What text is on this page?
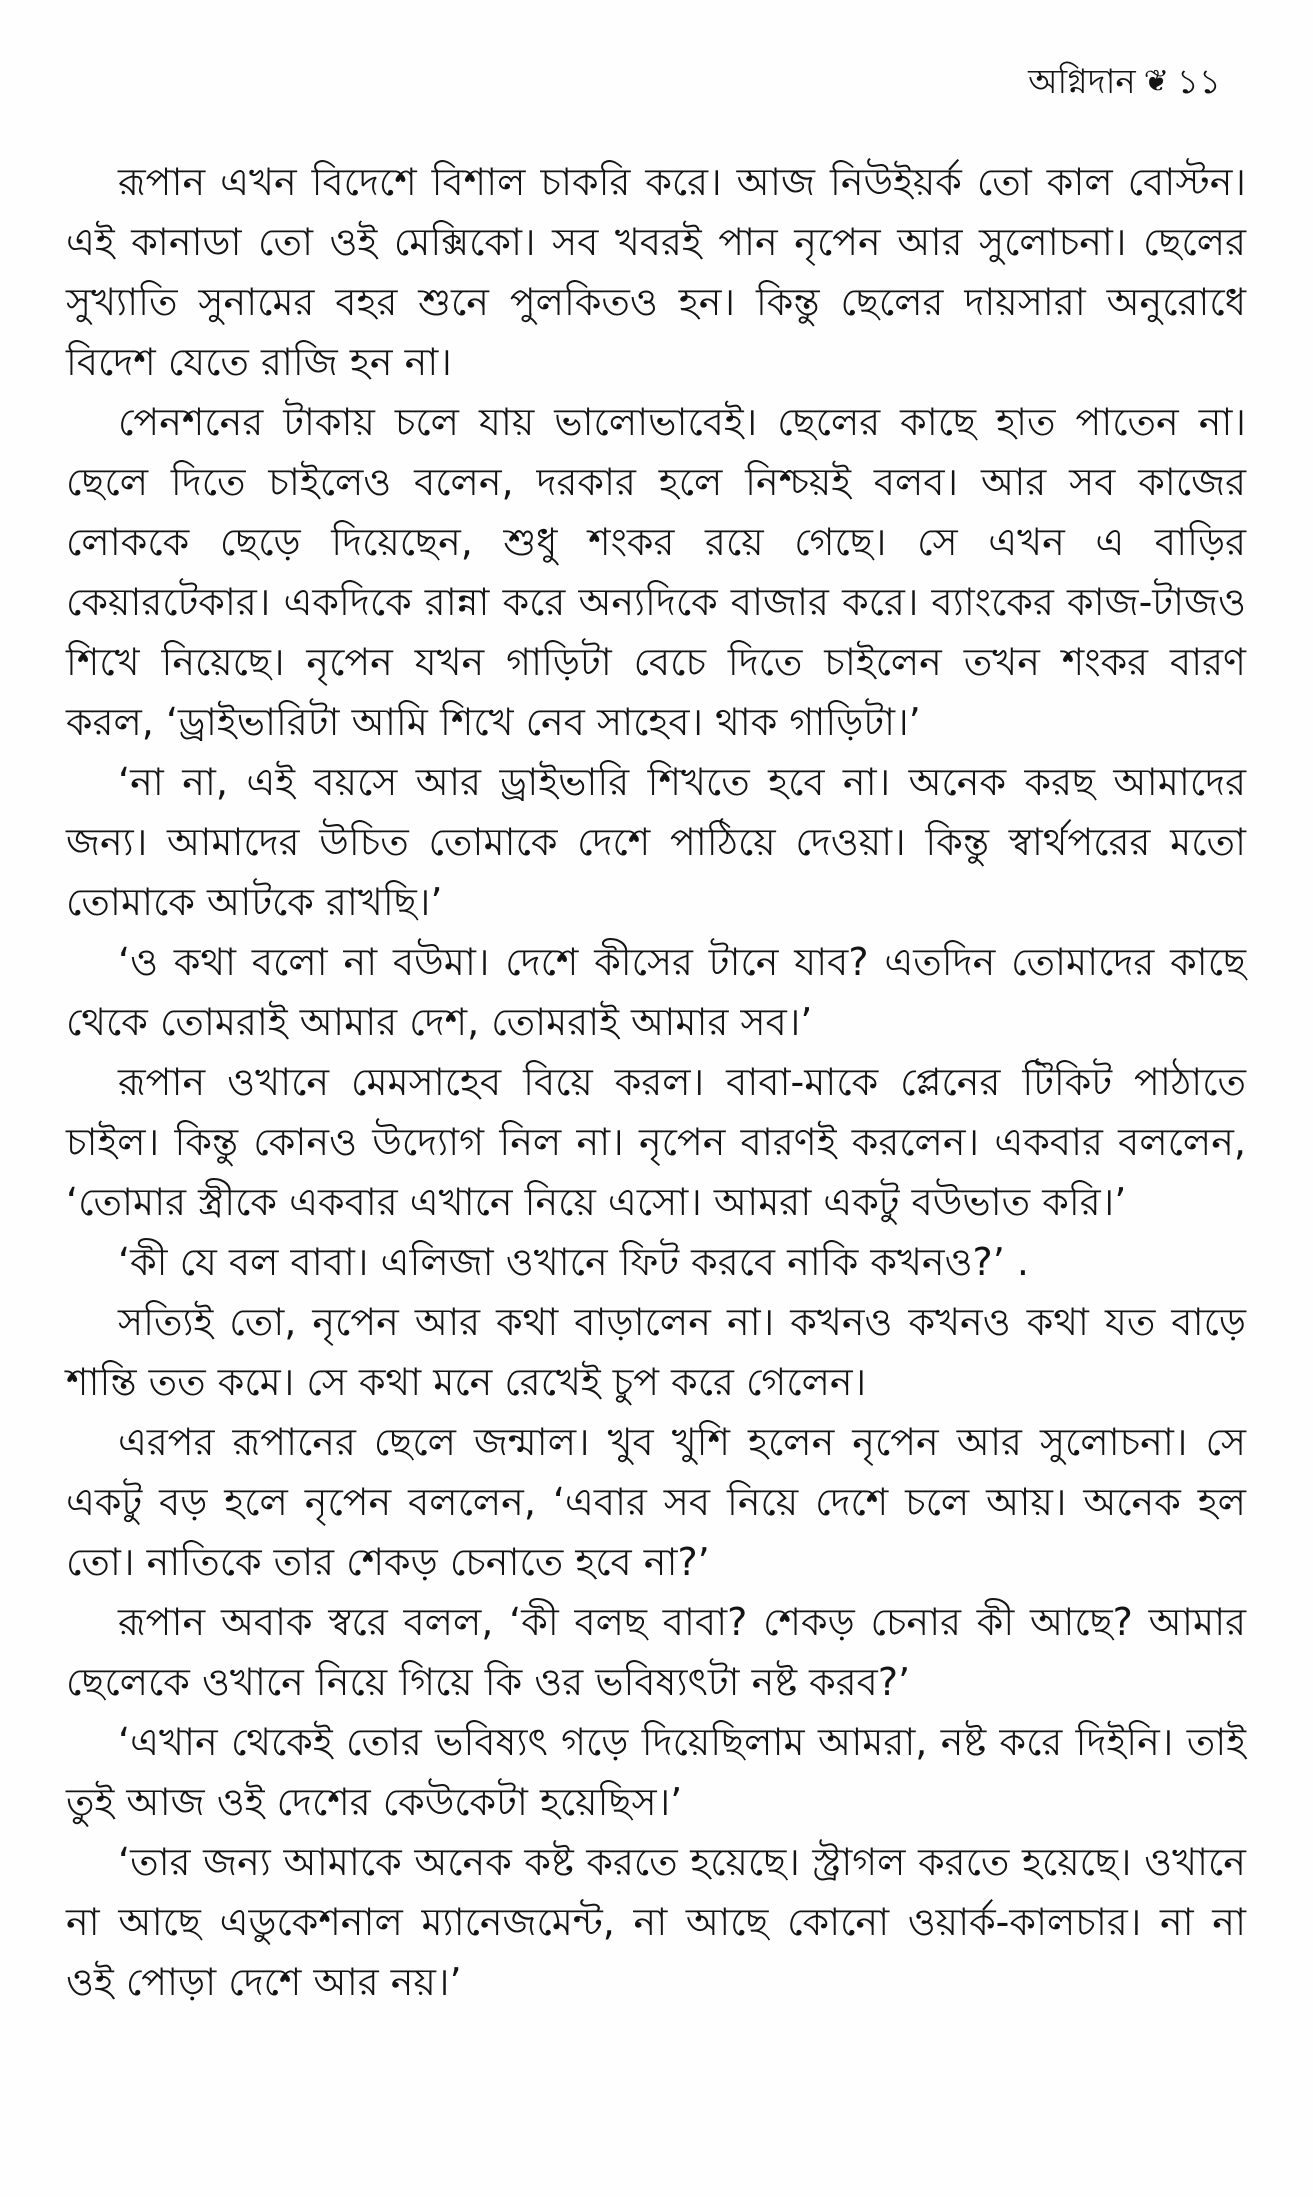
অগ্নিদান ❦ ১১

রূপান এখন বিদেশে বিশাল চাকরি করে। আজ নিউইয়র্ক তো কাল বোস্টন। এই কানাডা তো ওই মেক্সিকো। সব খবরই পান নৃপেন আর সুলোচনা। ছেলের সুখ্যাতি সুনামের বহর শুনে পুলকিতও হন। কিন্তু ছেলের দায়সারা অনুরোধে বিদেশ যেতে রাজি হন না।

পেনশনের টাকায় চলে যায় ভালোভাবেই। ছেলের কাছে হাত পাতেন না। ছেলে দিতে চাইলেও বলেন, দরকার হলে নিশ্চয়ই বলব। আর সব কাজের লোককে ছেড়ে দিয়েছেন, শুধু শংকর রয়ে গেছে। সে এখন এ বাড়ির কেয়ারটেকার। একদিকে রান্না করে অন্যদিকে বাজার করে। ব্যাংকের কাজ-টাজও শিখে নিয়েছে। নৃপেন যখন গাড়িটা বেচে দিতে চাইলেন তখন শংকর বারণ করল, ‘ড্রাইভারিটা আমি শিখে নেব সাহেব। থাক গাড়িটা।’

‘না না, এই বয়সে আর ড্রাইভারি শিখতে হবে না। অনেক করছ আমাদের জন্য। আমাদের উচিত তোমাকে দেশে পাঠিয়ে দেওয়া। কিন্তু স্বার্থপরের মতো তোমাকে আটকে রাখছি।’

‘ও কথা বলো না বউমা। দেশে কীসের টানে যাব? এতদিন তোমাদের কাছে থেকে তোমরাই আমার দেশ, তোমরাই আমার সব।’

রূপান ওখানে মেমসাহেব বিয়ে করল। বাবা-মাকে প্লেনের টিকিট পাঠাতে চাইল। কিন্তু কোনও উদ্যোগ নিল না। নৃপেন বারণই করলেন। একবার বললেন, ‘তোমার স্ত্রীকে একবার এখানে নিয়ে এসো। আমরা একটু বউভাত করি।’

‘কী যে বল বাবা। এলিজা ওখানে ফিট করবে নাকি কখনও?’ .

সত্যিই তো, নৃপেন আর কথা বাড়ালেন না। কখনও কখনও কথা যত বাড়ে শান্তি তত কমে। সে কথা মনে রেখেই চুপ করে গেলেন।

এরপর রূপানের ছেলে জন্মাল। খুব খুশি হলেন নৃপেন আর সুলোচনা। সে একটু বড় হলে নৃপেন বললেন, ‘এবার সব নিয়ে দেশে চলে আয়। অনেক হল তো। নাতিকে তার শেকড় চেনাতে হবে না?’

রূপান অবাক স্বরে বলল, ‘কী বলছ বাবা? শেকড় চেনার কী আছে? আমার ছেলেকে ওখানে নিয়ে গিয়ে কি ওর ভবিষ্যৎটা নষ্ট করব?’

‘এখান থেকেই তোর ভবিষ্যৎ গড়ে দিয়েছিলাম আমরা, নষ্ট করে দিইনি। তাই তুই আজ ওই দেশের কেউকেটা হয়েছিস।’

‘তার জন্য আমাকে অনেক কষ্ট করতে হয়েছে। স্ট্রাগল করতে হয়েছে। ওখানে না আছে এডুকেশনাল ম্যানেজমেন্ট, না আছে কোনো ওয়ার্ক-কালচার। না না ওই পোড়া দেশে আর নয়।’
